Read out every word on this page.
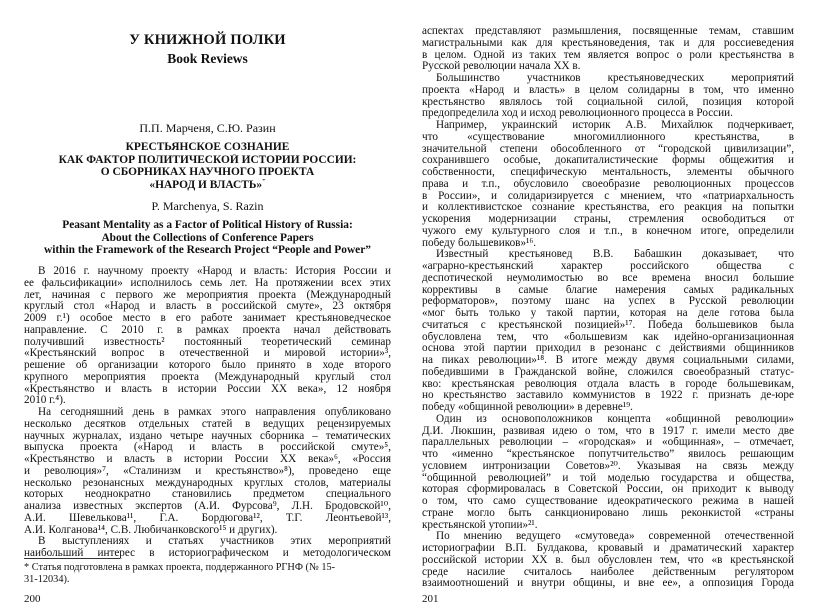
У КНИЖНОЙ ПОЛКИ
Book Reviews
П.П. Марченя, С.Ю. Разин
КРЕСТЬЯНСКОЕ СОЗНАНИЕ
КАК ФАКТОР ПОЛИТИЧЕСКОЙ ИСТОРИИ РОССИИ:
О СБОРНИКАХ НАУЧНОГО ПРОЕКТА
«НАРОД И ВЛАСТЬ»*
P. Marchenya, S. Razin
Peasant Mentality as a Factor of Political History of Russia:
About the Collections of Conference Papers
within the Framework of the Research Project “People and Power”
В 2016 г. научному проекту «Народ и власть: История России и
ее фальсификации» исполнилось семь лет. На протяжении всех этих
лет, начиная с первого же мероприятия проекта (Международный
круглый стол «Народ и власть в российской смуте», 23 октября
2009 г.¹) особое место в его работе занимает крестьяноведческое
направление. С 2010 г. в рамках проекта начал действовать
получивший известность² постоянный теоретический семинар
«Крестьянский вопрос в отечественной и мировой истории»³,
решение об организации которого было принято в ходе второго
крупного мероприятия проекта (Международный круглый стол
«Крестьянство и власть в истории России XX века», 12 ноября
2010 г.⁴).
На сегодняшний день в рамках этого направления опубликовано
несколько десятков отдельных статей в ведущих рецензируемых
научных журналах, издано четыре научных сборника – тематических
выпуска проекта («Народ и власть в российской смуте»⁵,
«Крестьянство и власть в истории России XX века»⁶, «Россия
и революция»⁷, «Сталинизм и крестьянство»⁸), проведено еще
несколько резонансных международных круглых столов, материалы
которых неоднократно становились предметом специального
анализа известных экспертов (А.И. Фурсова⁹, Л.Н. Бродовской¹⁰,
А.И. Шевелькова¹¹, Г.А. Бордюгова¹², Т.Г. Леонтьевой¹³,
А.И. Колганова¹⁴, С.В. Любичанковского¹⁵ и других).
В выступлениях и статьях участников этих мероприятий
наибольший интерес в историографическом и методологическом
* Статья подготовлена в рамках проекта, поддержанного РГНФ (№ 15-
31-12034).
200
аспектах представляют размышления, посвященные темам, ставшим
магистральными как для крестьяноведения, так и для россиеведения
в целом. Одной из таких тем является вопрос о роли крестьянства в
Русской революции начала XX в.
Большинство участников крестьяноведческих мероприятий
проекта «Народ и власть» в целом солидарны в том, что именно
крестьянство являлось той социальной силой, позиция которой
предопределила ход и исход революционного процесса в России.
Например, украинский историк А.В. Михайлюк подчеркивает,
что «существование многомиллионного крестьянства, в
значительной степени обособленного от “городской цивилизации”,
сохранившего особые, докапиталистические формы общежития и
собственности, специфическую ментальность, элементы обычного
права и т.п., обусловило своеобразие революционных процессов
в России», и солидаризируется с мнением, что «патриархальность
и коллективистское сознание крестьянства, его реакция на попытки
ускорения модернизации страны, стремления освободиться от
чужого ему культурного слоя и т.п., в конечном итоге, определили
победу большевиков»¹⁶.
Известный крестьяновед В.В. Бабашкин доказывает, что
«аграрно-крестьянский характер российского общества с
деспотической неумолимостью во все времена вносил большие
коррективы в самые благие намерения самых радикальных
реформаторов», поэтому шанс на успех в Русской революции
«мог быть только у такой партии, которая на деле готова была
считаться с крестьянской позицией»¹⁷. Победа большевиков была
обусловлена тем, что «большевизм как идейно-организационная
основа этой партии приходил в резонанс с действиями общинников
на пиках революции»¹⁸. В итоге между двумя социальными силами,
победившими в Гражданской войне, сложился своеобразный статус-
кво: крестьянская революция отдала власть в городе большевикам,
но крестьянство заставило коммунистов в 1922 г. признать де-юре
победу «общинной революции» в деревне¹⁹.
Один из основоположников концепта «общинной революции»
Д.И. Люкшин, развивая идею о том, что в 1917 г. имели место две
параллельных революции – «городская» и «общинная», – отмечает,
что «именно “крестьянское попутчительство” явилось решающим
условием интронизации Советов»²⁰. Указывая на связь между
“общинной революцией” и той моделью государства и общества,
которая сформировалась в Советской России, он приходит к выводу
о том, что само существование идеократического режима в нашей
стране могло быть санкционировано лишь реконкистой «страны
крестьянской утопии»²¹.
По мнению ведущего «смутоведа» современной отечественной
историографии В.П. Булдакова, кровавый и драматический характер
российской истории XX в. был обусловлен тем, что «в крестьянской
среде насилие считалось наиболее действенным регулятором
взаимоотношений и внутри общины, и вне ее», а оппозиция Города
201
